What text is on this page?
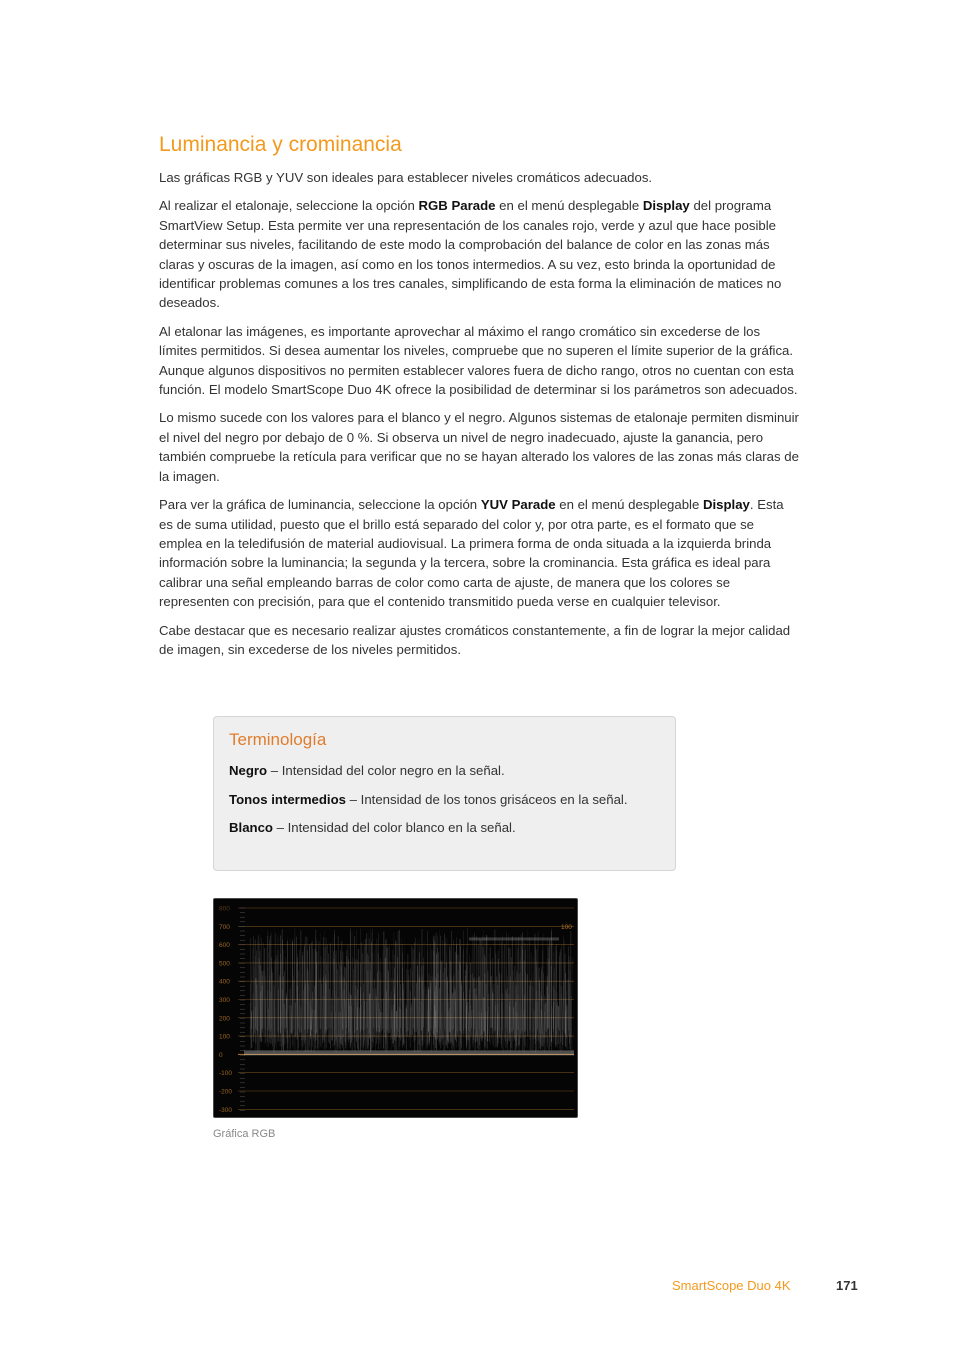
Luminancia y crominancia

Las gráficas RGB y YUV son ideales para establecer niveles cromáticos adecuados.

Al realizar el etalonaje, seleccione la opción RGB Parade en el menú desplegable Display del programa SmartView Setup. Esta permite ver una representación de los canales rojo, verde y azul que hace posible determinar sus niveles, facilitando de este modo la comprobación del balance de color en las zonas más claras y oscuras de la imagen, así como en los tonos intermedios. A su vez, esto brinda la oportunidad de identificar problemas comunes a los tres canales, simplificando de esta forma la eliminación de matices no deseados.

Al etalonar las imágenes, es importante aprovechar al máximo el rango cromático sin excederse de los límites permitidos. Si desea aumentar los niveles, compruebe que no superen el límite superior de la gráfica. Aunque algunos dispositivos no permiten establecer valores fuera de dicho rango, otros no cuentan con esta función. El modelo SmartScope Duo 4K ofrece la posibilidad de determinar si los parámetros son adecuados.

Lo mismo sucede con los valores para el blanco y el negro. Algunos sistemas de etalonaje permiten disminuir el nivel del negro por debajo de 0 %. Si observa un nivel de negro inadecuado, ajuste la ganancia, pero también compruebe la retícula para verificar que no se hayan alterado los valores de las zonas más claras de la imagen.

Para ver la gráfica de luminancia, seleccione la opción YUV Parade en el menú desplegable Display. Esta es de suma utilidad, puesto que el brillo está separado del color y, por otra parte, es el formato que se emplea en la teledifusión de material audiovisual. La primera forma de onda situada a la izquierda brinda información sobre la luminancia; la segunda y la tercera, sobre la crominancia. Esta gráfica es ideal para calibrar una señal empleando barras de color como carta de ajuste, de manera que los colores se representen con precisión, para que el contenido transmitido pueda verse en cualquier televisor.

Cabe destacar que es necesario realizar ajustes cromáticos constantemente, a fin de lograr la mejor calidad de imagen, sin excederse de los niveles permitidos.

Terminología
Negro – Intensidad del color negro en la señal.
Tonos intermedios – Intensidad de los tonos grisáceos en la señal.
Blanco – Intensidad del color blanco en la señal.
800
700
600
500
400
300
200
100
0
-100
-200
-300
100
Gráfica RGB
SmartScope Duo 4K	171
